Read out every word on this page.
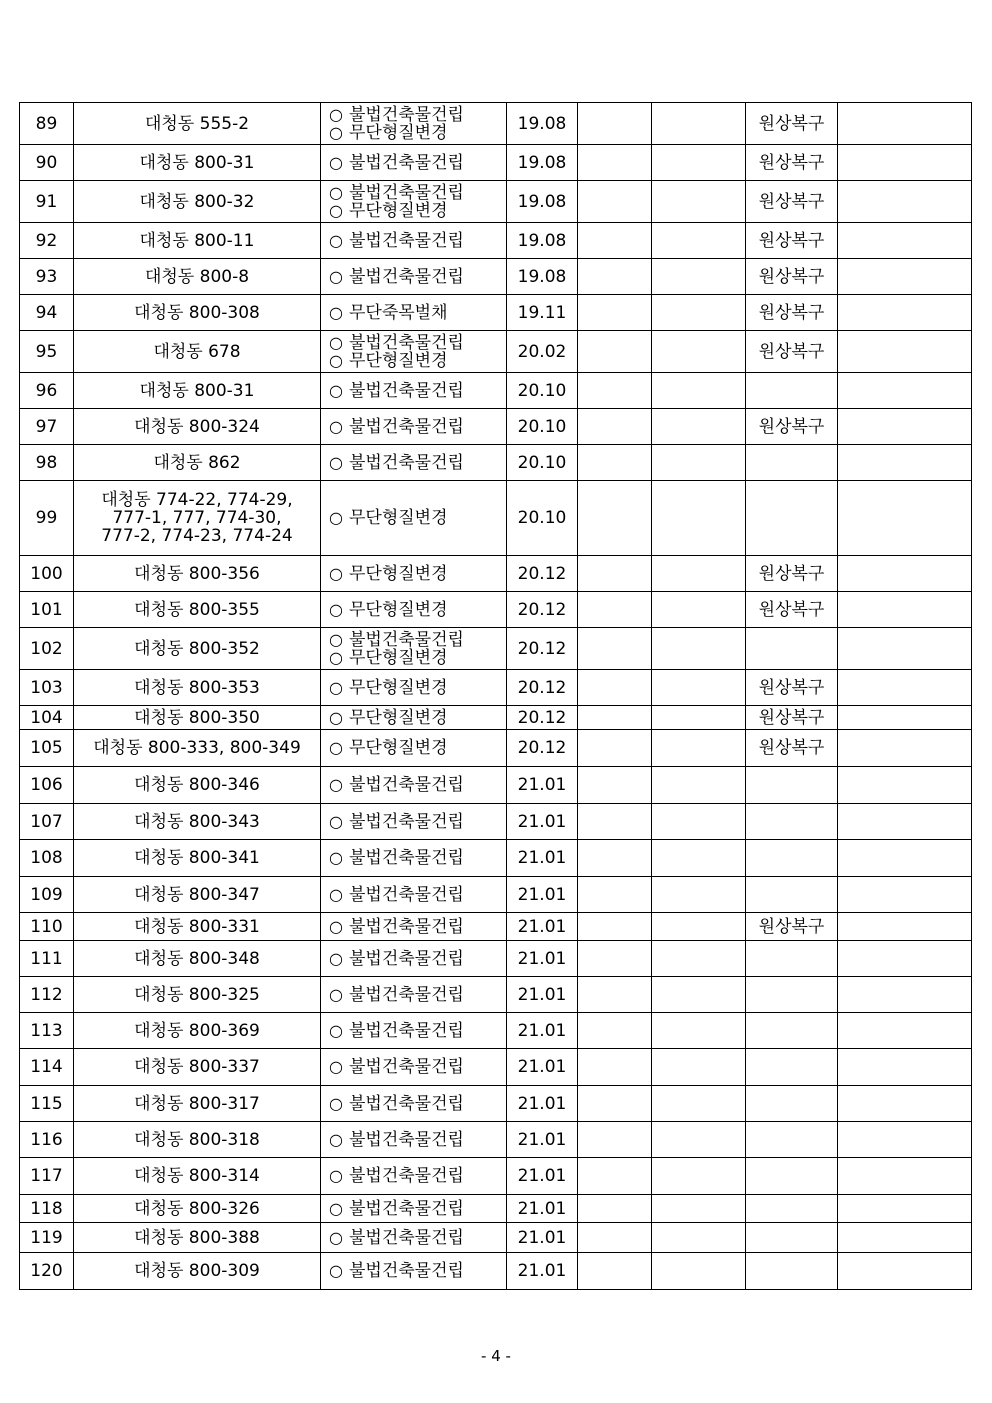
89	대청동 555-2	○ 불법건축물건립
○ 무단형질변경	19.08			원상복구	
90	대청동 800-31	○ 불법건축물건립	19.08			원상복구	
91	대청동 800-32	○ 불법건축물건립
○ 무단형질변경	19.08			원상복구	
92	대청동 800-11	○ 불법건축물건립	19.08			원상복구	
93	대청동 800-8	○ 불법건축물건립	19.08			원상복구	
94	대청동 800-308	○ 무단죽목벌채	19.11			원상복구	
95	대청동 678	○ 불법건축물건립
○ 무단형질변경	20.02			원상복구	
96	대청동 800-31	○ 불법건축물건립	20.10				
97	대청동 800-324	○ 불법건축물건립	20.10			원상복구	
98	대청동 862	○ 불법건축물건립	20.10				
99	대청동 774-22, 774-29,
777-1, 777, 774-30,
777-2, 774-23, 774-24	○ 무단형질변경	20.10				
100	대청동 800-356	○ 무단형질변경	20.12			원상복구	
101	대청동 800-355	○ 무단형질변경	20.12			원상복구	
102	대청동 800-352	○ 불법건축물건립
○ 무단형질변경	20.12				
103	대청동 800-353	○ 무단형질변경	20.12			원상복구	
104	대청동 800-350	○ 무단형질변경	20.12			원상복구	
105	대청동 800-333, 800-349	○ 무단형질변경	20.12			원상복구	
106	대청동 800-346	○ 불법건축물건립	21.01				
107	대청동 800-343	○ 불법건축물건립	21.01				
108	대청동 800-341	○ 불법건축물건립	21.01				
109	대청동 800-347	○ 불법건축물건립	21.01				
110	대청동 800-331	○ 불법건축물건립	21.01			원상복구	
111	대청동 800-348	○ 불법건축물건립	21.01				
112	대청동 800-325	○ 불법건축물건립	21.01				
113	대청동 800-369	○ 불법건축물건립	21.01				
114	대청동 800-337	○ 불법건축물건립	21.01				
115	대청동 800-317	○ 불법건축물건립	21.01				
116	대청동 800-318	○ 불법건축물건립	21.01				
117	대청동 800-314	○ 불법건축물건립	21.01				
118	대청동 800-326	○ 불법건축물건립	21.01				
119	대청동 800-388	○ 불법건축물건립	21.01				
120	대청동 800-309	○ 불법건축물건립	21.01				
- 4 -
